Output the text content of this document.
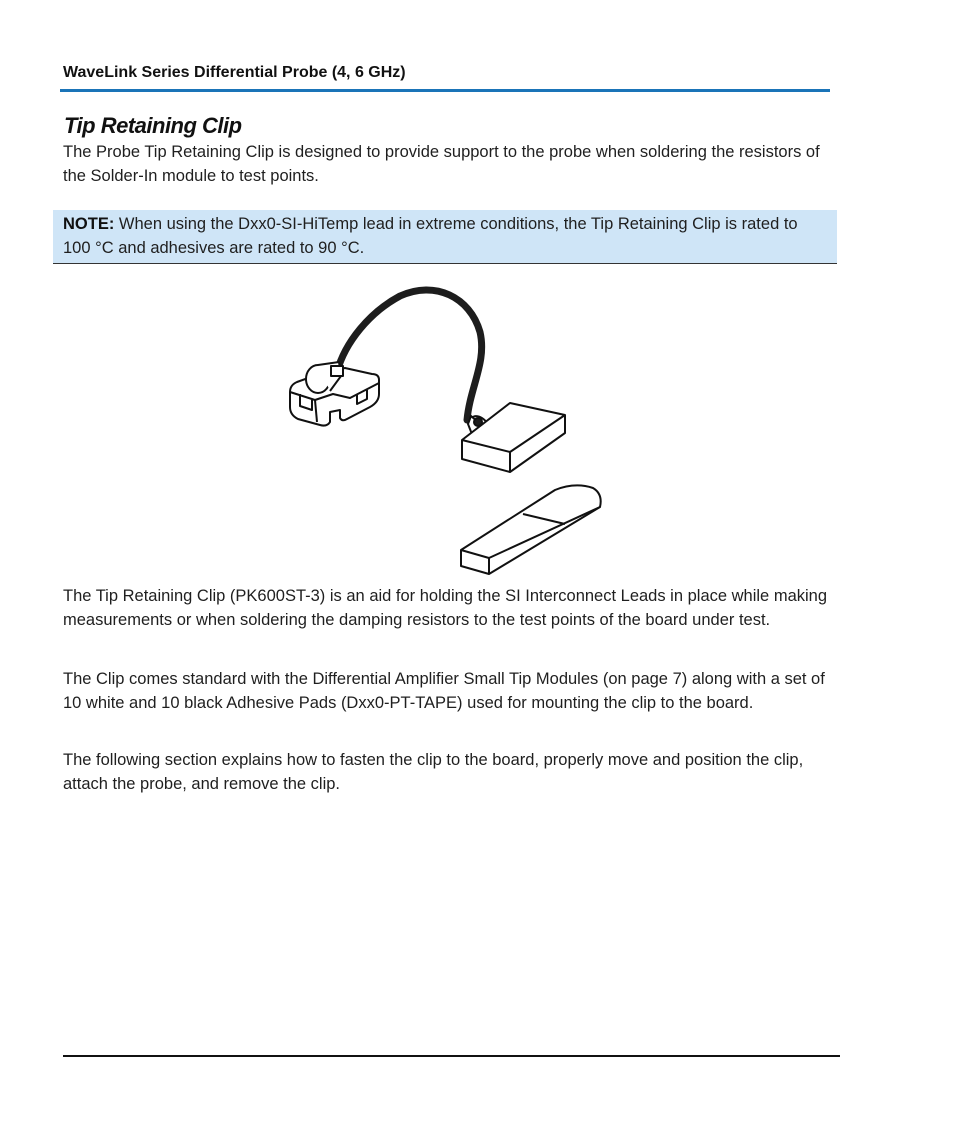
WaveLink Series Differential Probe (4, 6 GHz)
Tip Retaining Clip

The Probe Tip Retaining Clip is designed to provide support to the probe when soldering the resistors of the Solder-In module to test points.

NOTE: When using the Dxx0-SI-HiTemp lead in extreme conditions, the Tip Retaining Clip is rated to 100 °C and adhesives are rated to 90 °C.

The Tip Retaining Clip (PK600ST-3) is an aid for holding the SI Interconnect Leads in place while making measurements or when soldering the damping resistors to the test points of the board under test.

The Clip comes standard with the Differential Amplifier Small Tip Modules (on page 7) along with a set of 10 white and 10 black Adhesive Pads (Dxx0-PT-TAPE) used for mounting the clip to the board.

The following section explains how to fasten the clip to the board, properly move and position the clip, attach the probe, and remove the clip.
